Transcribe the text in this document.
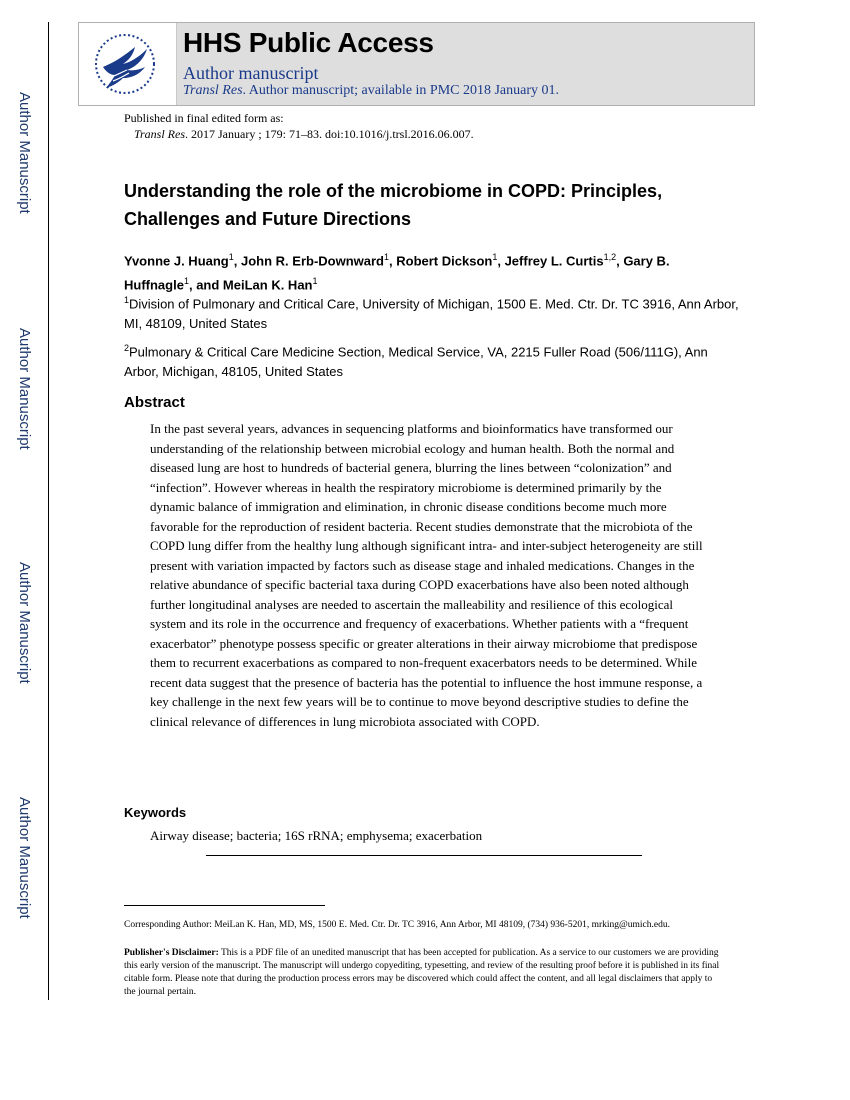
Author Manuscript
Author Manuscript
Author Manuscript
Author Manuscript
HHS Public Access
Author manuscript
Transl Res. Author manuscript; available in PMC 2018 January 01.
Published in final edited form as:
Transl Res. 2017 January ; 179: 71–83. doi:10.1016/j.trsl.2016.06.007.
Understanding the role of the microbiome in COPD: Principles, Challenges and Future Directions
Yvonne J. Huang$^1$, John R. Erb-Downward$^1$, Robert Dickson$^1$, Jeffrey L. Curtis$^{1,2}$, Gary B. Huffnagle$^1$, and MeiLan K. Han$^1$
$^1$Division of Pulmonary and Critical Care, University of Michigan, 1500 E. Med. Ctr. Dr. TC 3916, Ann Arbor, MI, 48109, United States
$^2$Pulmonary & Critical Care Medicine Section, Medical Service, VA, 2215 Fuller Road (506/111G), Ann Arbor, Michigan, 48105, United States
Abstract
In the past several years, advances in sequencing platforms and bioinformatics have transformed our understanding of the relationship between microbial ecology and human health. Both the normal and diseased lung are host to hundreds of bacterial genera, blurring the lines between “colonization” and “infection”. However whereas in health the respiratory microbiome is determined primarily by the dynamic balance of immigration and elimination, in chronic disease conditions become much more favorable for the reproduction of resident bacteria. Recent studies demonstrate that the microbiota of the COPD lung differ from the healthy lung although significant intra- and inter-subject heterogeneity are still present with variation impacted by factors such as disease stage and inhaled medications. Changes in the relative abundance of specific bacterial taxa during COPD exacerbations have also been noted although further longitudinal analyses are needed to ascertain the malleability and resilience of this ecological system and its role in the occurrence and frequency of exacerbations. Whether patients with a “frequent exacerbator” phenotype possess specific or greater alterations in their airway microbiome that predispose them to recurrent exacerbations as compared to non-frequent exacerbators needs to be determined. While recent data suggest that the presence of bacteria has the potential to influence the host immune response, a key challenge in the next few years will be to continue to move beyond descriptive studies to define the clinical relevance of differences in lung microbiota associated with COPD.
Keywords
Airway disease; bacteria; 16S rRNA; emphysema; exacerbation
Corresponding Author: MeiLan K. Han, MD, MS, 1500 E. Med. Ctr. Dr. TC 3916, Ann Arbor, MI 48109, (734) 936-5201, mrking@umich.edu.
Publisher's Disclaimer: This is a PDF file of an unedited manuscript that has been accepted for publication. As a service to our customers we are providing this early version of the manuscript. The manuscript will undergo copyediting, typesetting, and review of the resulting proof before it is published in its final citable form. Please note that during the production process errors may be discovered which could affect the content, and all legal disclaimers that apply to the journal pertain.
